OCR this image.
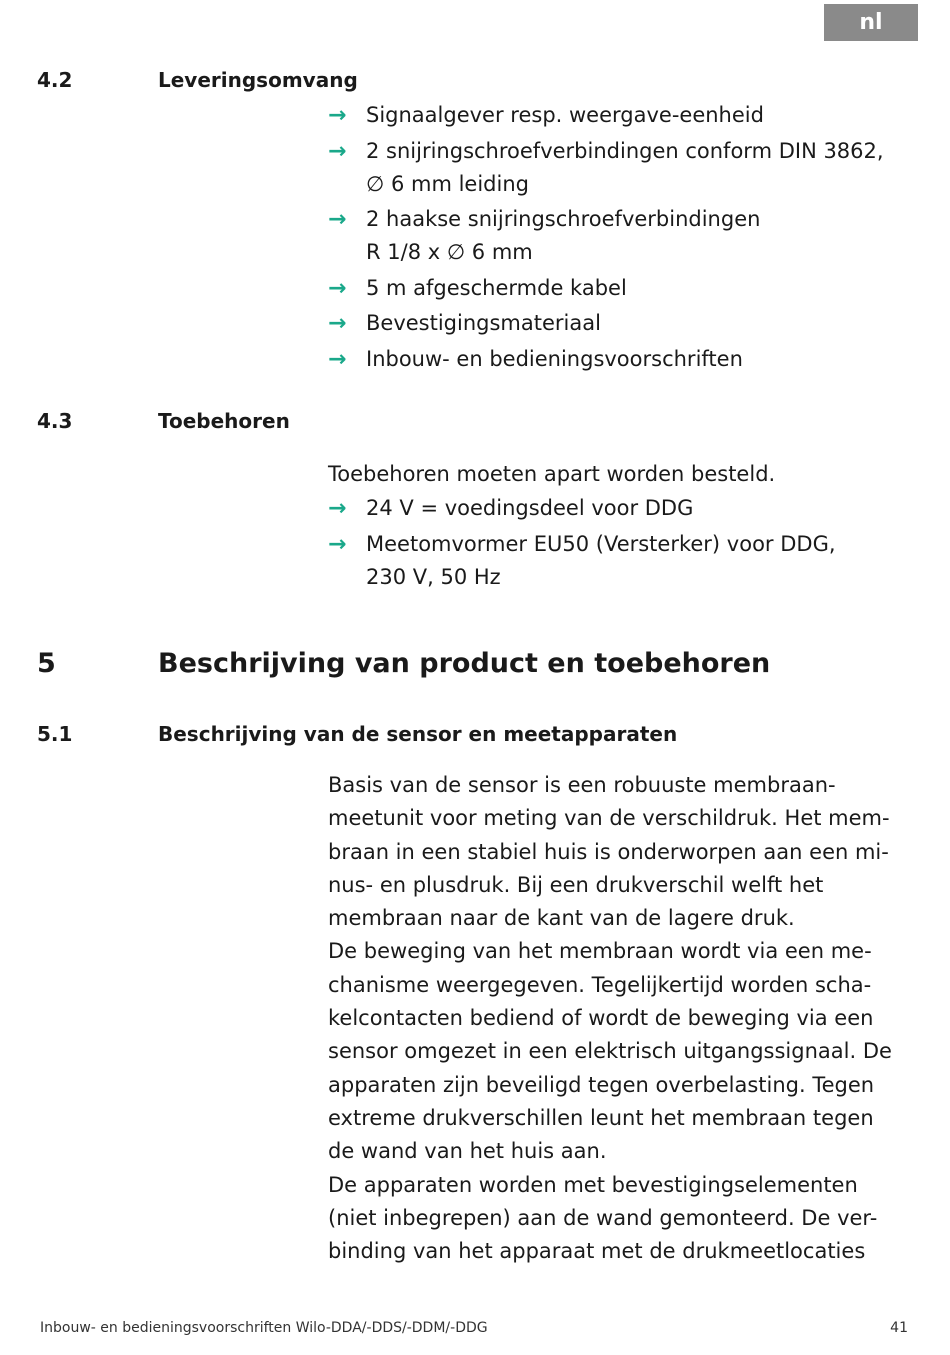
nl
4.2	Leveringsomvang
→ Signaalgever resp. weergave-eenheid
→ 2 snijringschroefverbindingen conform DIN 3862,
∅ 6 mm leiding
→ 2 haakse snijringschroefverbindingen
R 1/8 x ∅ 6 mm
→ 5 m afgeschermde kabel
→ Bevestigingsmateriaal
→ Inbouw- en bedieningsvoorschriften
4.3	Toebehoren
Toebehoren moeten apart worden besteld.
→ 24 V = voedingsdeel voor DDG
→ Meetomvormer EU50 (Versterker) voor DDG,
230 V, 50 Hz
5	Beschrijving van product en toebehoren
5.1	Beschrijving van de sensor en meetapparaten
Basis van de sensor is een robuuste membraan-
meetunit voor meting van de verschildruk. Het mem-
braan in een stabiel huis is onderworpen aan een mi-
nus- en plusdruk. Bij een drukverschil welft het
membraan naar de kant van de lagere druk.
De beweging van het membraan wordt via een me-
chanisme weergegeven. Tegelijkertijd worden scha-
kelcontacten bediend of wordt de beweging via een
sensor omgezet in een elektrisch uitgangssignaal. De
apparaten zijn beveiligd tegen overbelasting. Tegen
extreme drukverschillen leunt het membraan tegen
de wand van het huis aan.
De apparaten worden met bevestigingselementen
(niet inbegrepen) aan de wand gemonteerd. De ver-
binding van het apparaat met de drukmeetlocaties
Inbouw- en bedieningsvoorschriften Wilo-DDA/-DDS/-DDM/-DDG	41
